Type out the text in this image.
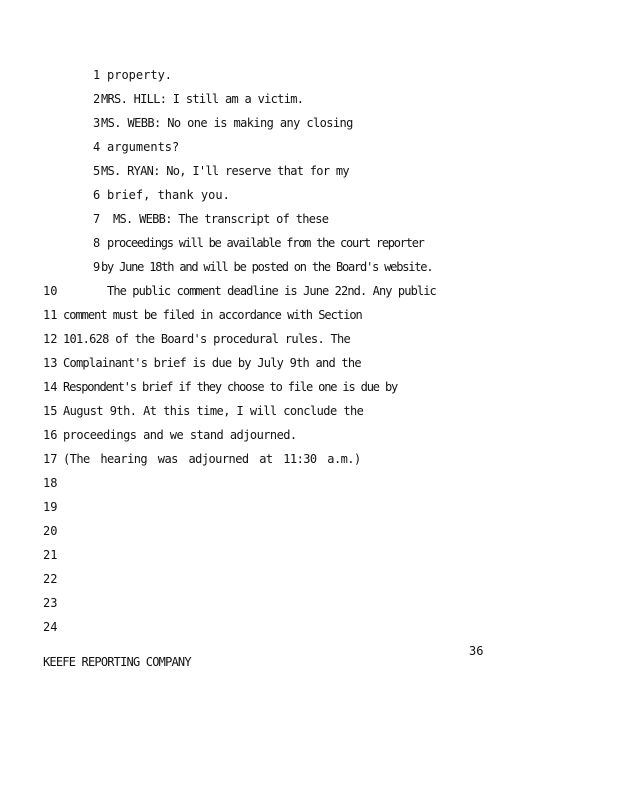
1 property.
2 MRS. HILL: I still am a victim.
3 MS. WEBB: No one is making any closing
4 arguments?
5 MS. RYAN: No, I'll reserve that for my
6 brief, thank you.
7 MS. WEBB: The transcript of these
8 proceedings will be available from the court reporter
9 by June 18th and will be posted on the Board's website.
10	The public comment deadline is June 22nd. Any public
11 comment must be filed in accordance with Section
12 101.628 of the Board's procedural rules. The
13 Complainant's brief is due by July 9th and the
14 Respondent's brief if they choose to file one is due by
15 August 9th. At this time, I will conclude the
16 proceedings and we stand adjourned.
17 (The hearing was adjourned at 11:30 a.m.)
18
19
20
21
22
23
24
36
KEEFE REPORTING COMPANY
